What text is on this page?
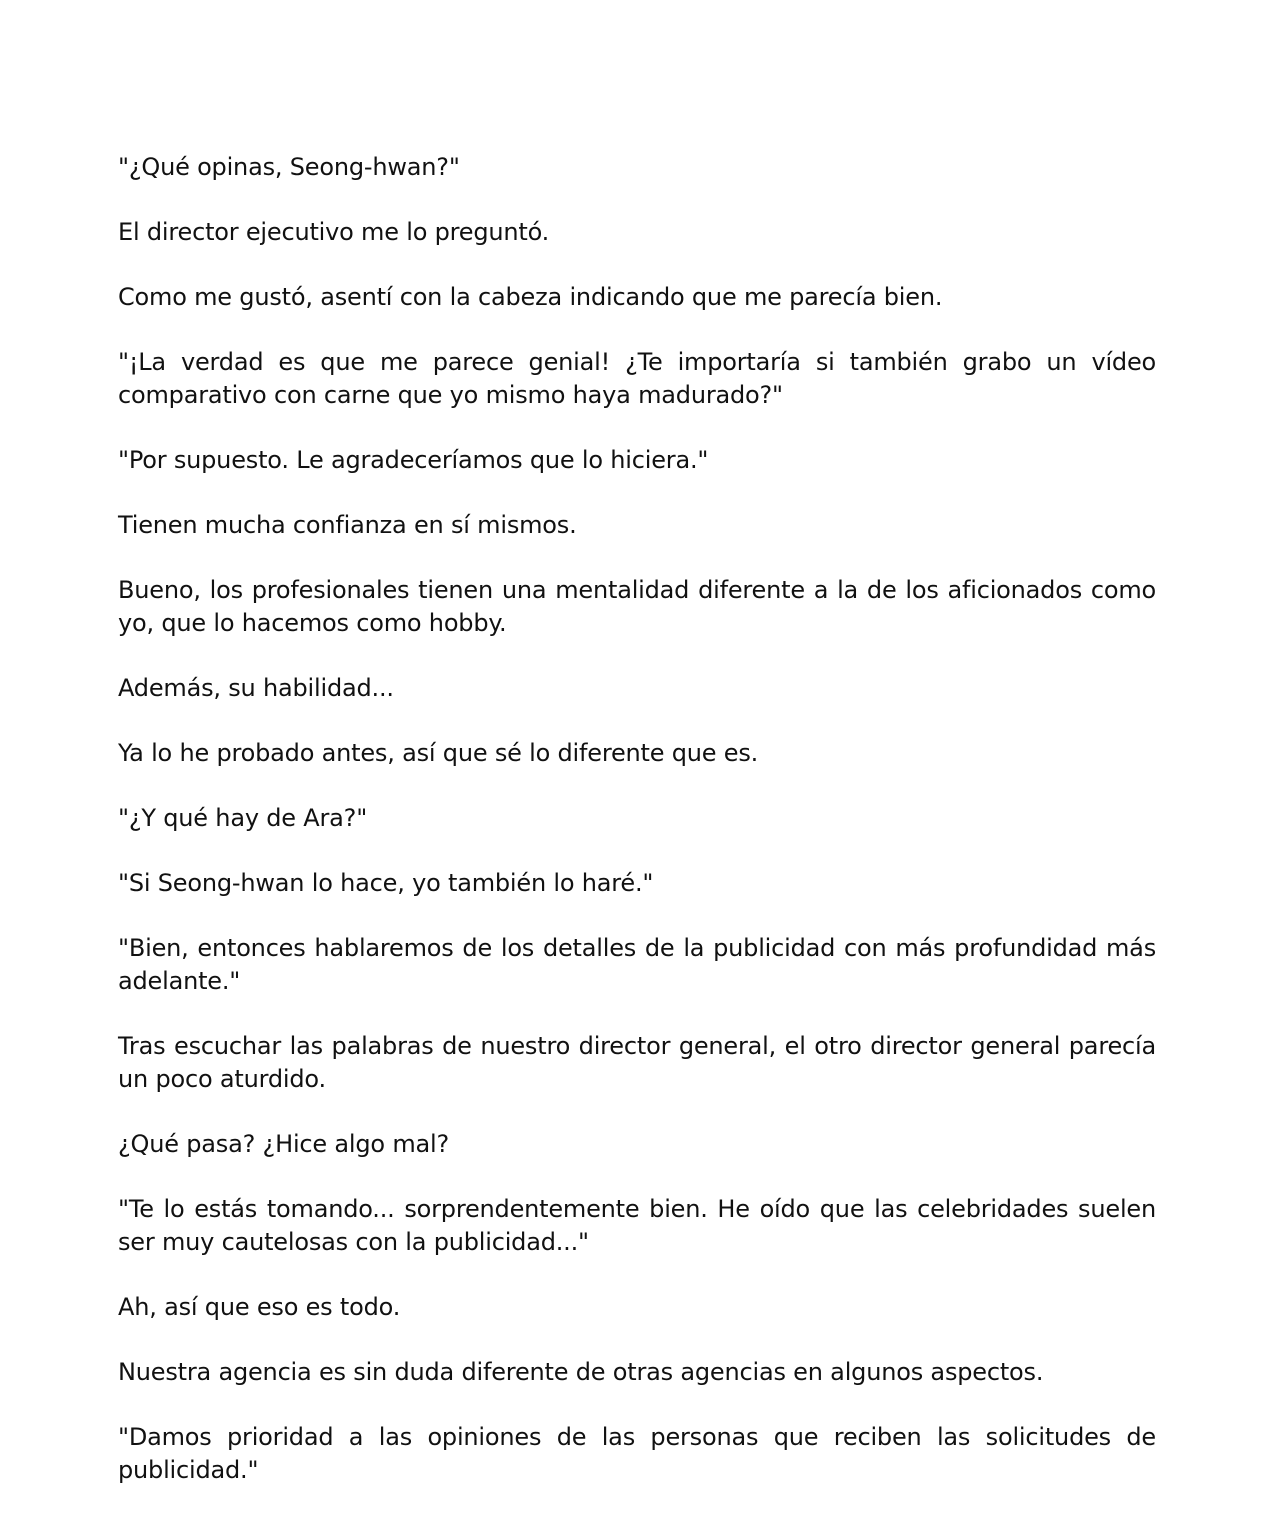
"¿Qué opinas, Seong-hwan?"

El director ejecutivo me lo preguntó.

Como me gustó, asentí con la cabeza indicando que me parecía bien.

"¡La verdad es que me parece genial! ¿Te importaría si también grabo un vídeo comparativo con carne que yo mismo haya madurado?"

"Por supuesto. Le agradeceríamos que lo hiciera."

Tienen mucha confianza en sí mismos.

Bueno, los profesionales tienen una mentalidad diferente a la de los aficionados como yo, que lo hacemos como hobby.

Además, su habilidad...

Ya lo he probado antes, así que sé lo diferente que es.

"¿Y qué hay de Ara?"

"Si Seong-hwan lo hace, yo también lo haré."

"Bien, entonces hablaremos de los detalles de la publicidad con más profundidad más adelante."

Tras escuchar las palabras de nuestro director general, el otro director general parecía un poco aturdido.

¿Qué pasa? ¿Hice algo mal?

"Te lo estás tomando... sorprendentemente bien. He oído que las celebridades suelen ser muy cautelosas con la publicidad..."

Ah, así que eso es todo.

Nuestra agencia es sin duda diferente de otras agencias en algunos aspectos.

"Damos prioridad a las opiniones de las personas que reciben las solicitudes de publicidad."
